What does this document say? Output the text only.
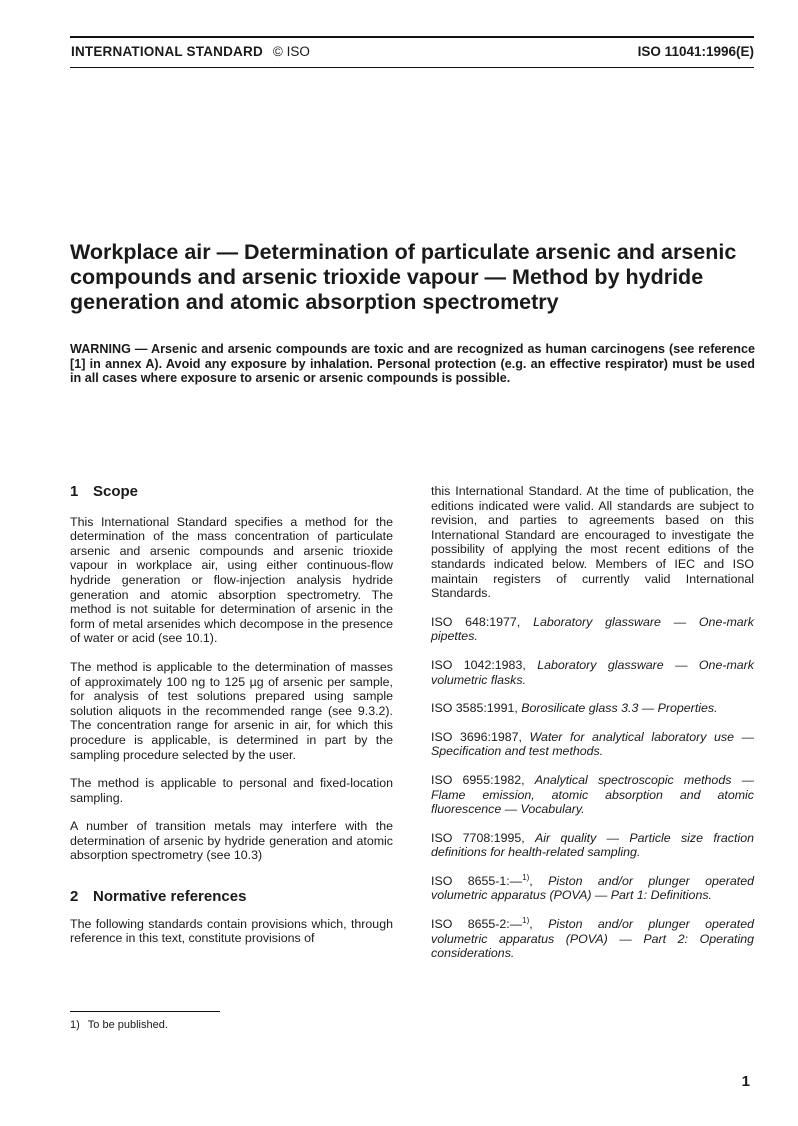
INTERNATIONAL STANDARD © ISO	ISO 11041:1996(E)
Workplace air — Determination of particulate arsenic and arsenic compounds and arsenic trioxide vapour — Method by hydride generation and atomic absorption spectrometry

WARNING — Arsenic and arsenic compounds are toxic and are recognized as human carcinogens (see reference [1] in annex A). Avoid any exposure by inhalation. Personal protection (e.g. an effective respirator) must be used in all cases where exposure to arsenic or arsenic compounds is possible.

1 Scope

This International Standard specifies a method for the determination of the mass concentration of particulate arsenic and arsenic compounds and arsenic trioxide vapour in workplace air, using either continuous-flow hydride generation or flow-injection analysis hydride generation and atomic absorption spectrometry. The method is not suitable for determination of arsenic in the form of metal arsenides which decompose in the presence of water or acid (see 10.1).

The method is applicable to the determination of masses of approximately 100 ng to 125 µg of arsenic per sample, for analysis of test solutions prepared using sample solution aliquots in the recommended range (see 9.3.2). The concentration range for arsenic in air, for which this procedure is applicable, is determined in part by the sampling procedure selected by the user.

The method is applicable to personal and fixed-location sampling.

A number of transition metals may interfere with the determination of arsenic by hydride generation and atomic absorption spectrometry (see 10.3)

2 Normative references

The following standards contain provisions which, through reference in this text, constitute provisions of

this International Standard. At the time of publication, the editions indicated were valid. All standards are subject to revision, and parties to agreements based on this International Standard are encouraged to investigate the possibility of applying the most recent editions of the standards indicated below. Members of IEC and ISO maintain registers of currently valid International Standards.

ISO 648:1977, Laboratory glassware — One-mark pipettes.

ISO 1042:1983, Laboratory glassware — One-mark volumetric flasks.

ISO 3585:1991, Borosilicate glass 3.3 — Properties.

ISO 3696:1987, Water for analytical laboratory use — Specification and test methods.

ISO 6955:1982, Analytical spectroscopic methods — Flame emission, atomic absorption and atomic fluorescence — Vocabulary.

ISO 7708:1995, Air quality — Particle size fraction definitions for health-related sampling.

ISO 8655-1:—$^{1)}$, Piston and/or plunger operated volumetric apparatus (POVA) — Part 1: Definitions.

ISO 8655-2:—$^{1)}$, Piston and/or plunger operated volumetric apparatus (POVA) — Part 2: Operating considerations.

1) To be published.
1
